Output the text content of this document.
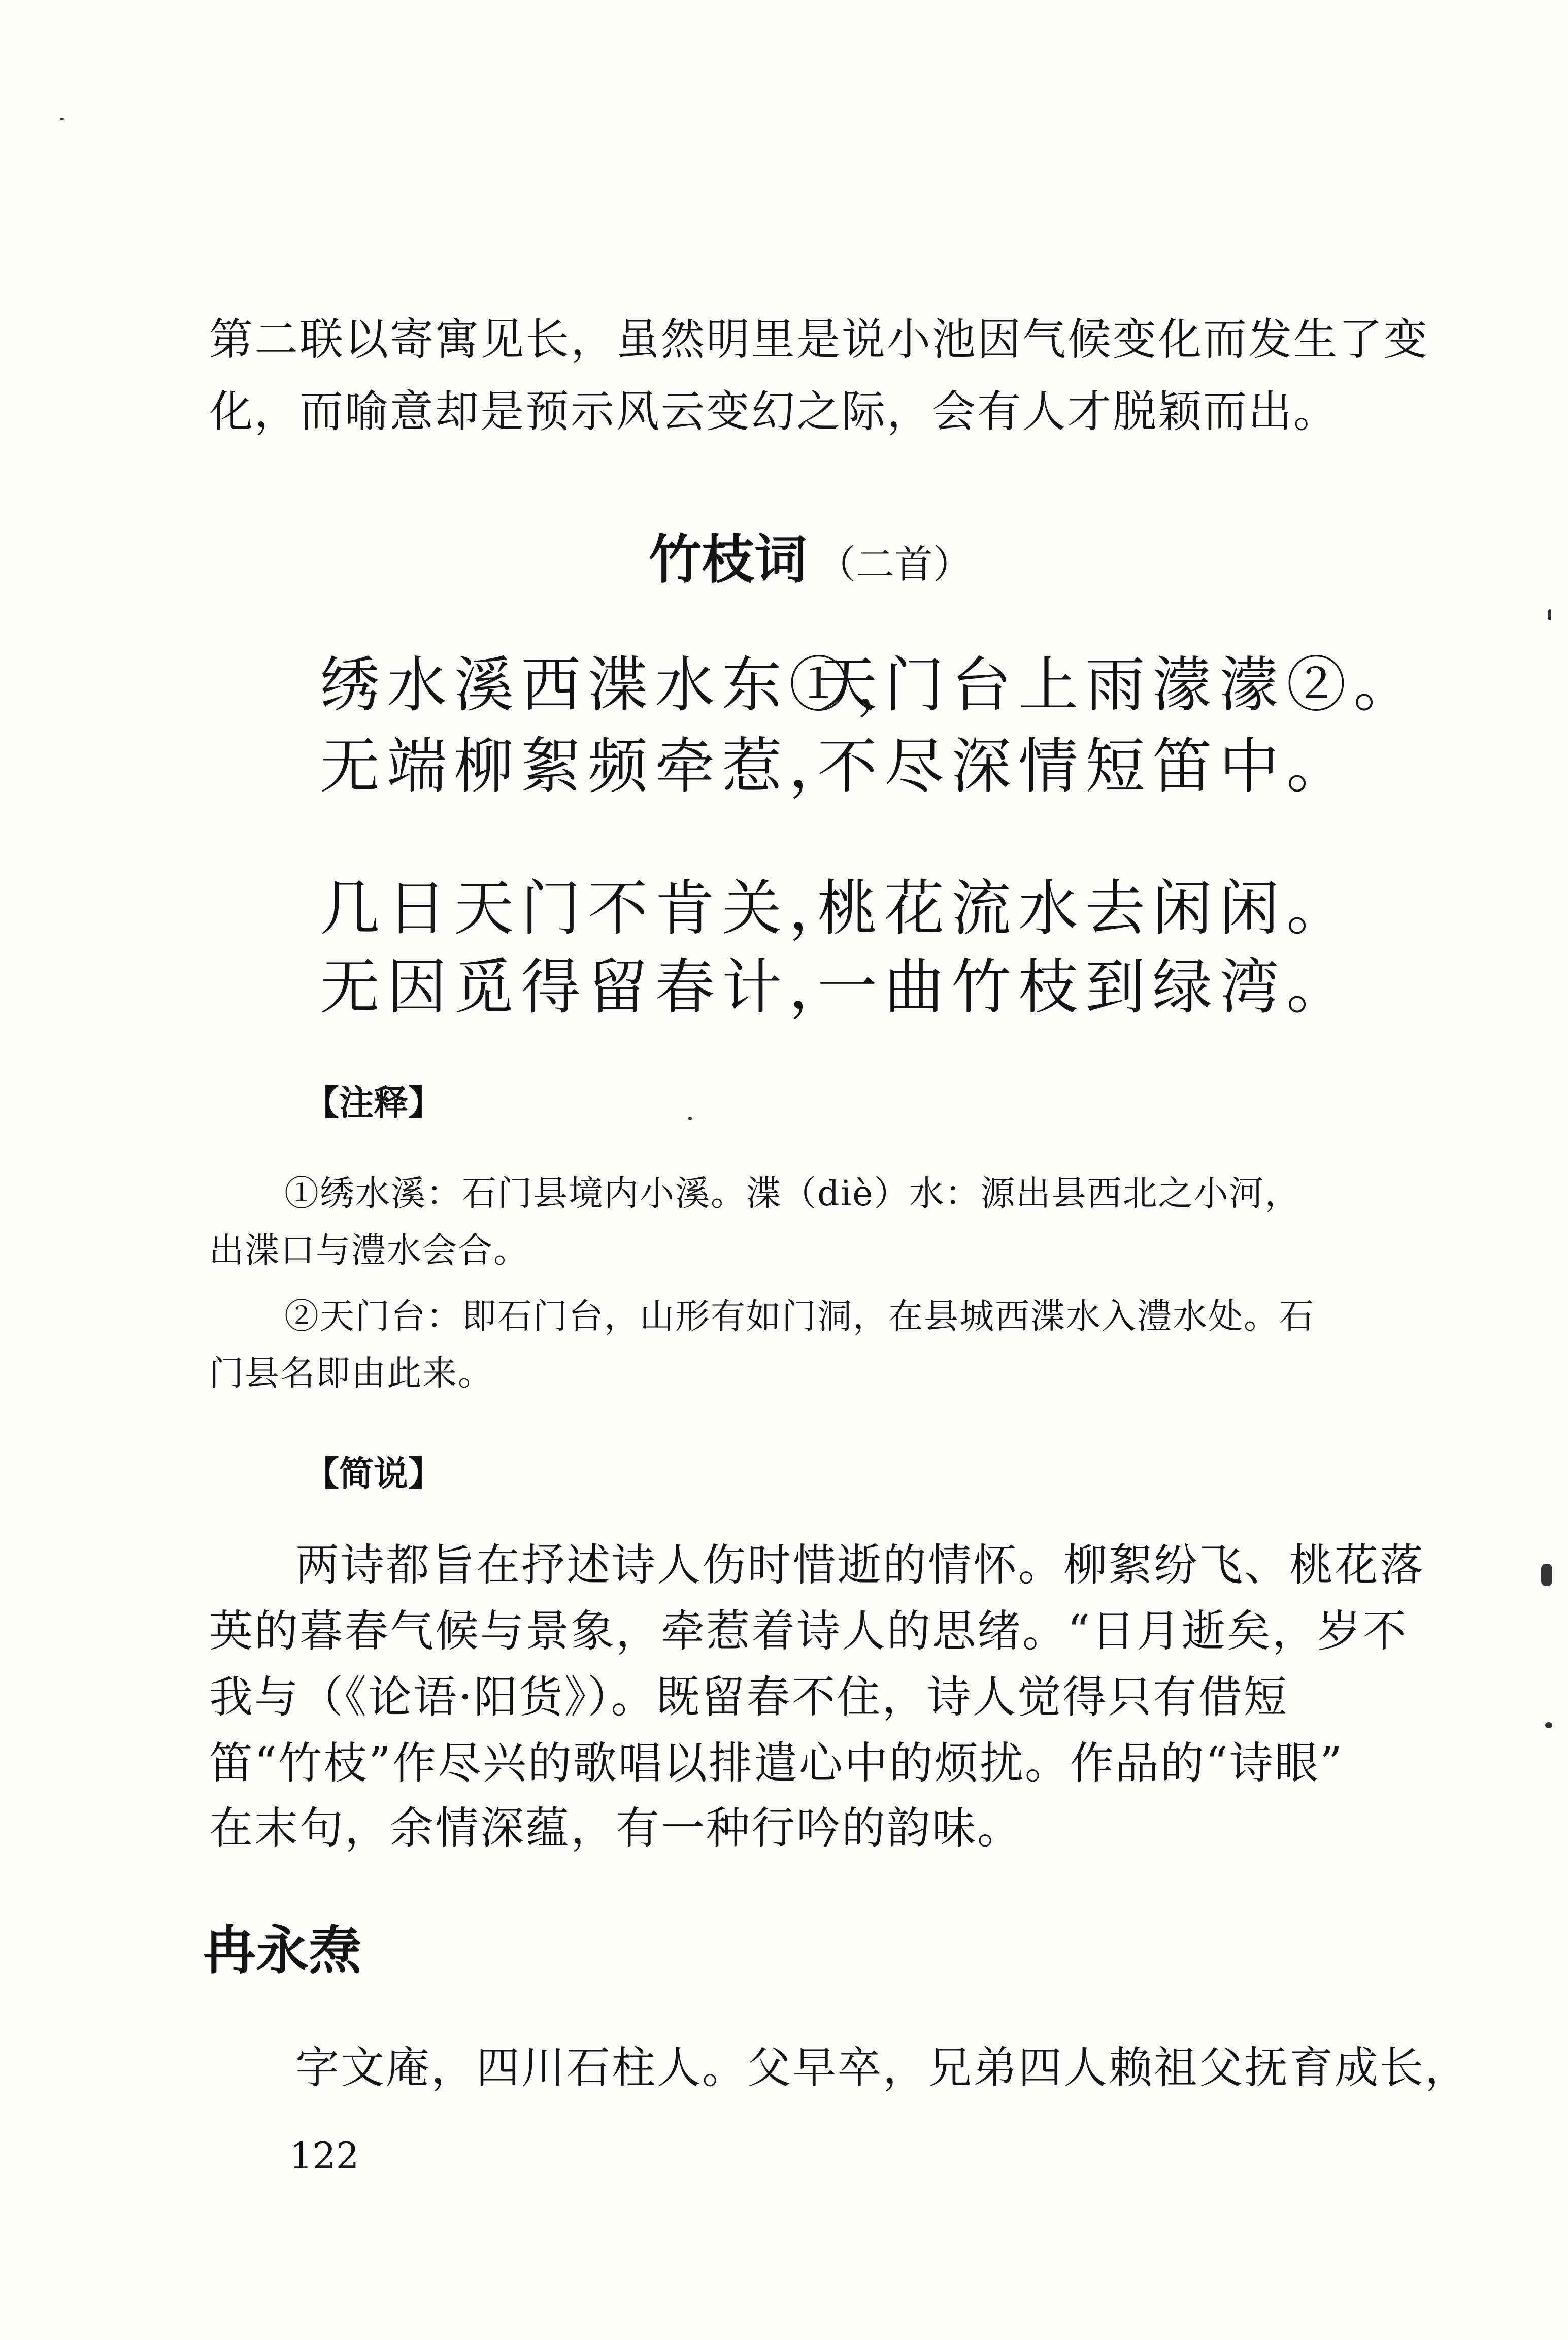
第二联以寄寓见长，虽然明里是说小池因气候变化而发生了变
化，而喻意却是预示风云变幻之际，会有人才脱颖而出。
竹枝词 （二首）
绣水溪西渫水东①，
天门台上雨濛濛②。
无端柳絮频牵惹，
不尽深情短笛中。
几日天门不肯关，
桃花流水去闲闲。
无因觅得留春计，
一曲竹枝到绿湾。
【注释】
①绣水溪：石门县境内小溪。渫（diè）水：源出县西北之小河，
出渫口与澧水会合。
②天门台：即石门台，山形有如门洞，在县城西渫水入澧水处。石
门县名即由此来。
【简说】
两诗都旨在抒述诗人伤时惜逝的情怀。柳絮纷飞、桃花落
英的暮春气候与景象，牵惹着诗人的思绪。“日月逝矣，岁不
我与（《论语·阳货》）。既留春不住，诗人觉得只有借短
笛“竹枝”作尽兴的歌唱以排遣心中的烦扰。作品的“诗眼”
在末句，余情深蕴，有一种行吟的韵味。
冉永焘
字文庵，四川石柱人。父早卒，兄弟四人赖祖父抚育成长，
122
